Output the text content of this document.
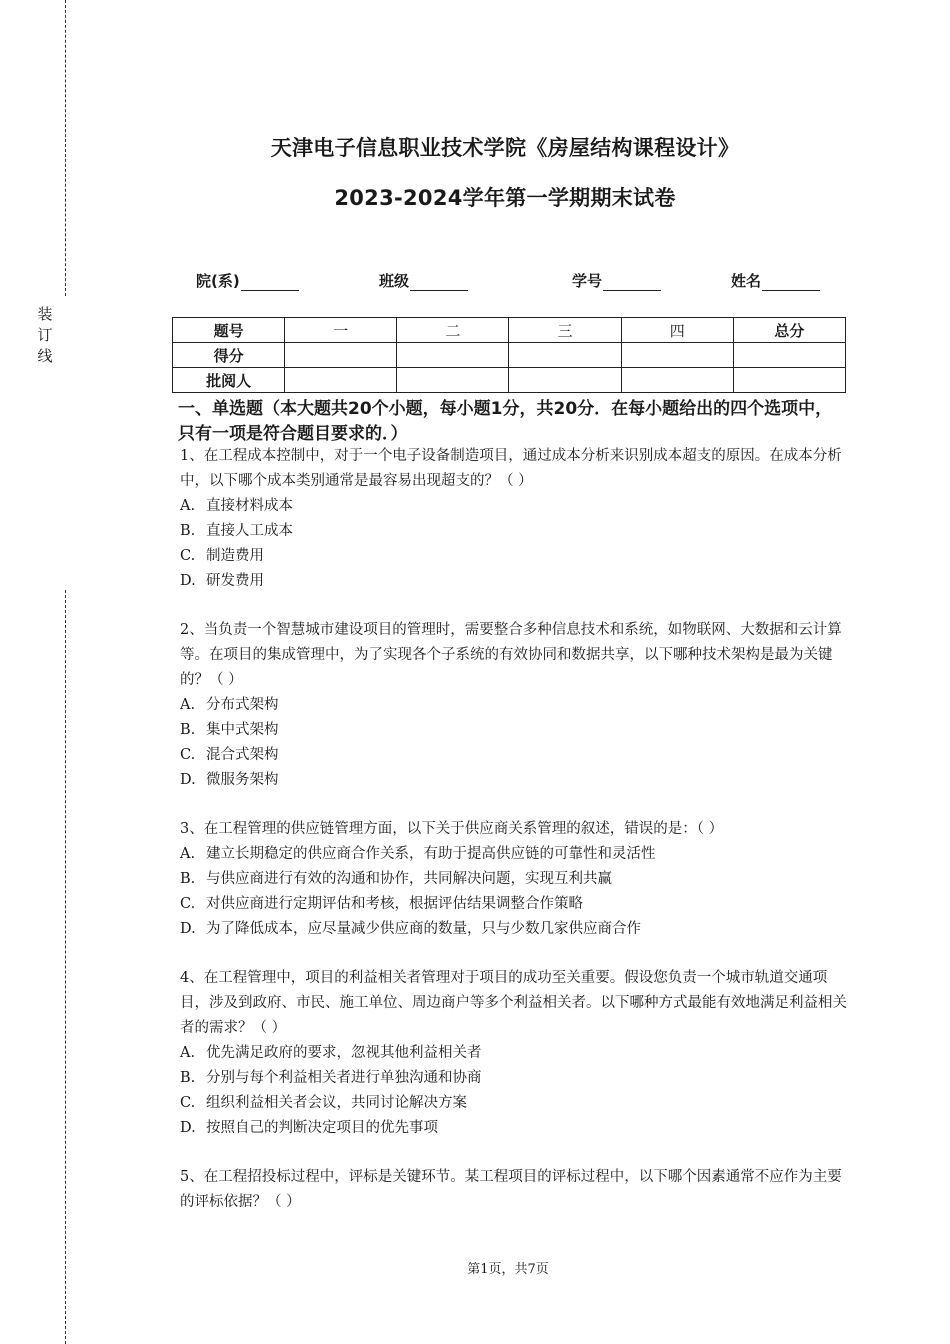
装订线
天津电子信息职业技术学院《房屋结构课程设计》
2023-2024学年第一学期期末试卷
院(系)	班级	学号	姓名
题号	一	二	三	四	总分
得分					
批阅人					
一、单选题（本大题共20个小题，每小题1分，共20分．在每小题给出的四个选项中，只有一项是符合题目要求的．）

1、在工程成本控制中，对于一个电子设备制造项目，通过成本分析来识别成本超支的原因。在成本分析中，以下哪个成本类别通常是最容易出现超支的？（ ）

A. 直接材料成本

B. 直接人工成本

C. 制造费用

D. 研发费用

2、当负责一个智慧城市建设项目的管理时，需要整合多种信息技术和系统，如物联网、大数据和云计算等。在项目的集成管理中，为了实现各个子系统的有效协同和数据共享，以下哪种技术架构是最为关键的？（ ）

A. 分布式架构

B. 集中式架构

C. 混合式架构

D. 微服务架构

3、在工程管理的供应链管理方面，以下关于供应商关系管理的叙述，错误的是：（ ）

A. 建立长期稳定的供应商合作关系，有助于提高供应链的可靠性和灵活性

B. 与供应商进行有效的沟通和协作，共同解决问题，实现互利共赢

C. 对供应商进行定期评估和考核，根据评估结果调整合作策略

D. 为了降低成本，应尽量减少供应商的数量，只与少数几家供应商合作

4、在工程管理中，项目的利益相关者管理对于项目的成功至关重要。假设您负责一个城市轨道交通项目，涉及到政府、市民、施工单位、周边商户等多个利益相关者。以下哪种方式最能有效地满足利益相关者的需求？（ ）

A. 优先满足政府的要求，忽视其他利益相关者

B. 分别与每个利益相关者进行单独沟通和协商

C. 组织利益相关者会议，共同讨论解决方案

D. 按照自己的判断决定项目的优先事项

5、在工程招投标过程中，评标是关键环节。某工程项目的评标过程中，以下哪个因素通常不应作为主要的评标依据？（ ）

第1页，共7页
